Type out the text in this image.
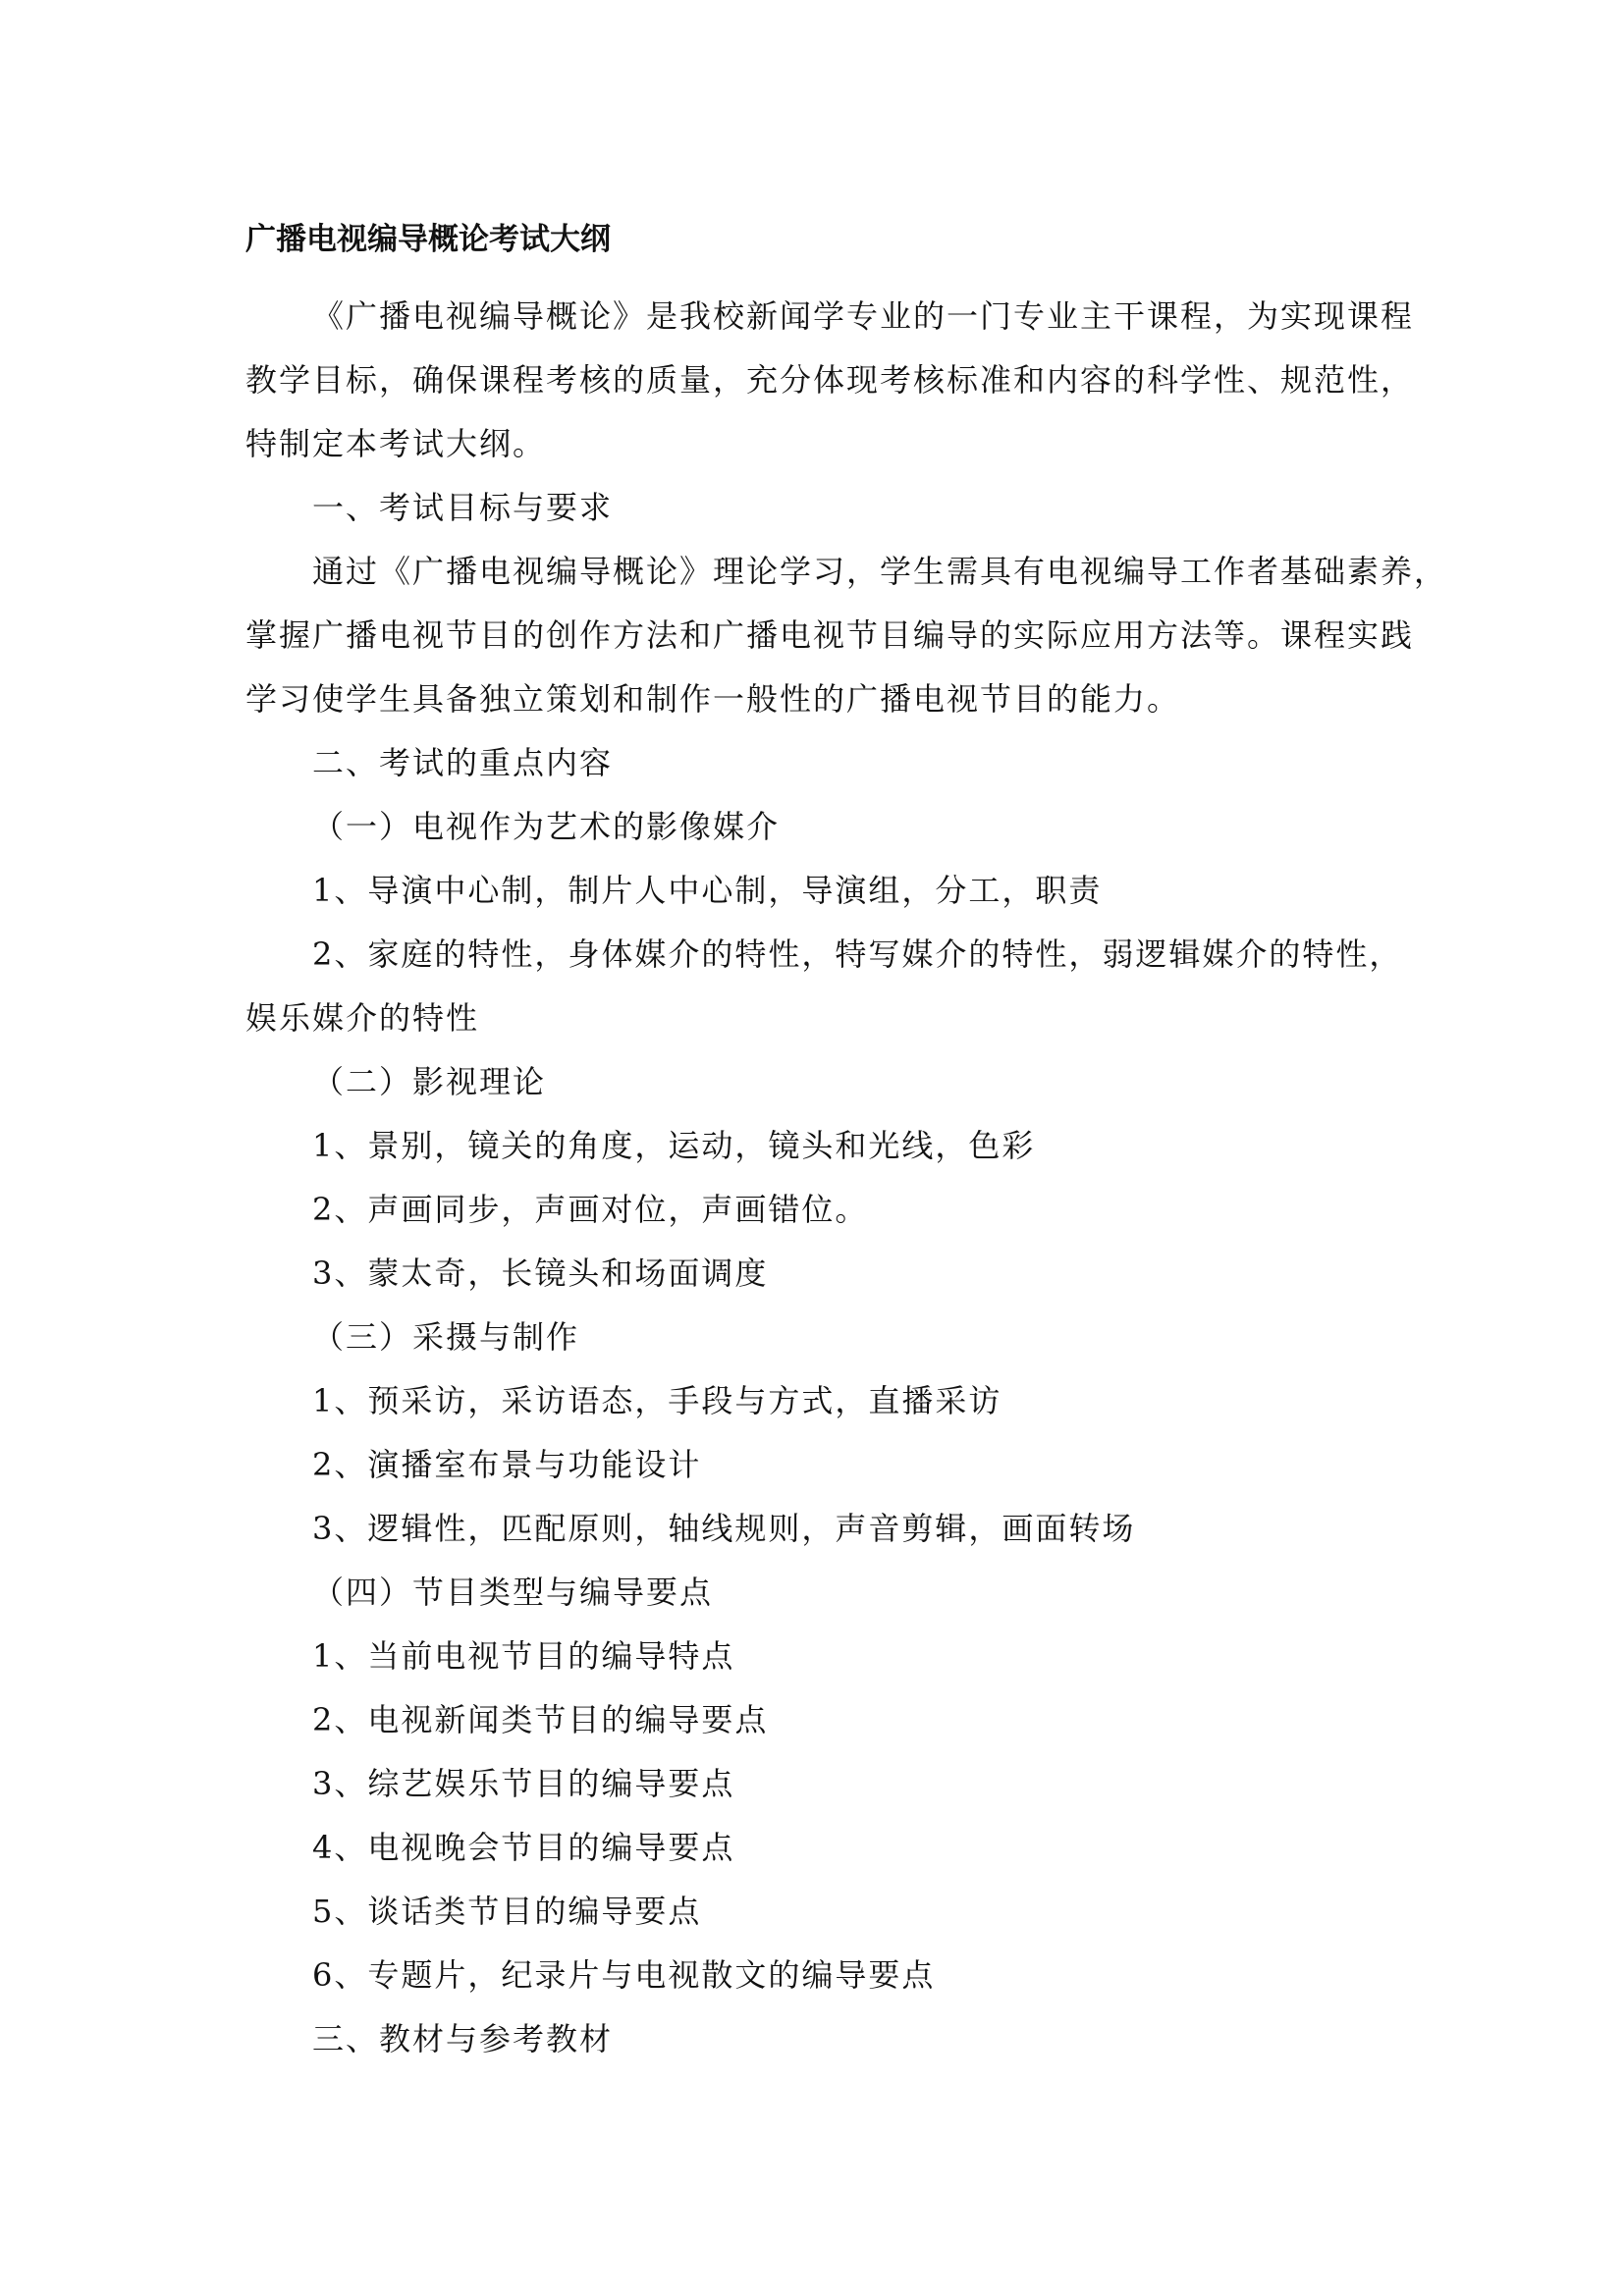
广播电视编导概论考试大纲

《广播电视编导概论》是我校新闻学专业的一门专业主干课程，为实现课程

教学目标，确保课程考核的质量，充分体现考核标准和内容的科学性、规范性，

特制定本考试大纲。

一、考试目标与要求

通过《广播电视编导概论》理论学习，学生需具有电视编导工作者基础素养，

掌握广播电视节目的创作方法和广播电视节目编导的实际应用方法等。课程实践

学习使学生具备独立策划和制作一般性的广播电视节目的能力。

二、考试的重点内容

（一）电视作为艺术的影像媒介

1、导演中心制，制片人中心制，导演组，分工，职责

2、家庭的特性，身体媒介的特性，特写媒介的特性，弱逻辑媒介的特性，

娱乐媒介的特性

（二）影视理论

1、景别，镜关的角度，运动，镜头和光线，色彩

2、声画同步，声画对位，声画错位。

3、蒙太奇，长镜头和场面调度

（三）采摄与制作

1、预采访，采访语态，手段与方式，直播采访

2、演播室布景与功能设计

3、逻辑性，匹配原则，轴线规则，声音剪辑，画面转场

（四）节目类型与编导要点

1、当前电视节目的编导特点

2、电视新闻类节目的编导要点

3、综艺娱乐节目的编导要点

4、电视晚会节目的编导要点

5、谈话类节目的编导要点

6、专题片，纪录片与电视散文的编导要点

三、教材与参考教材
